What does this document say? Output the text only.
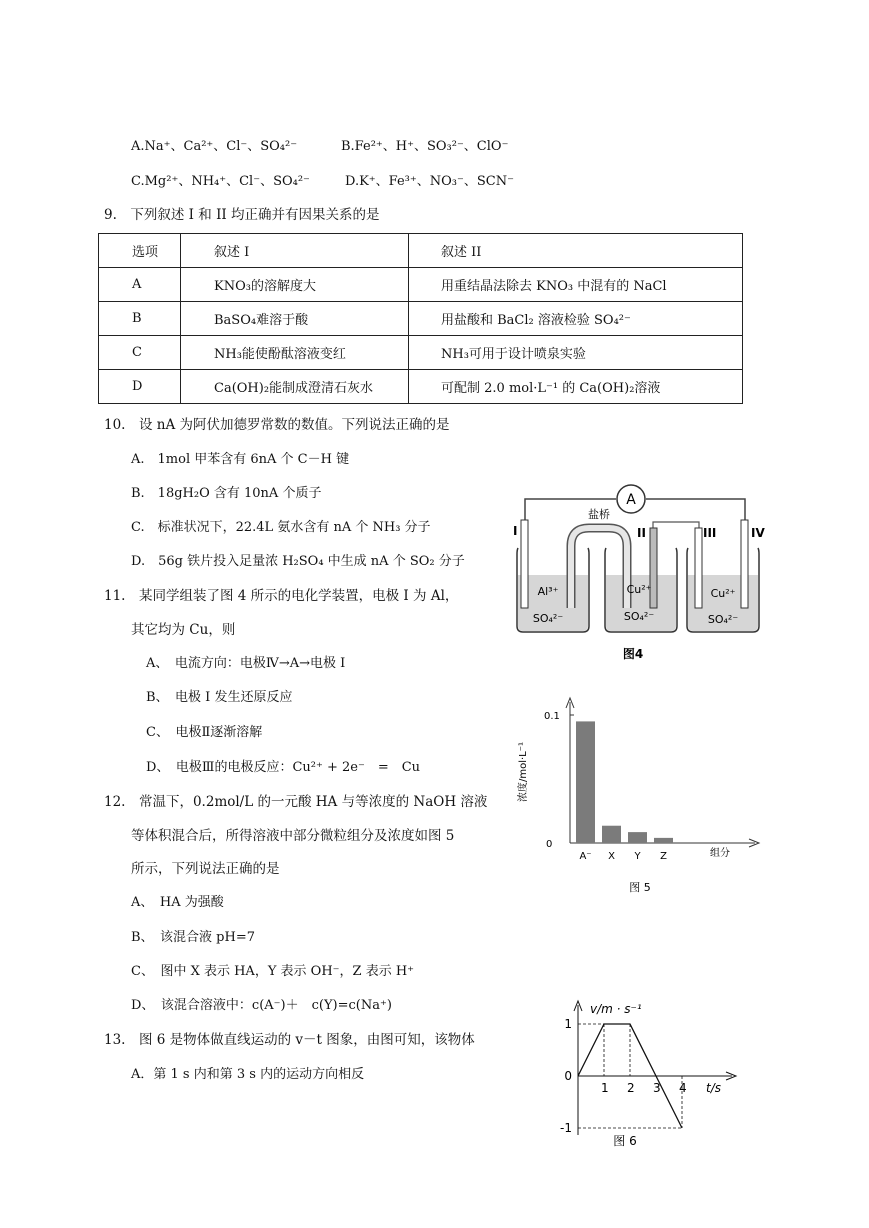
A.Na⁺、Ca²⁺、Cl⁻、SO₄²⁻	B.Fe²⁺、H⁺、SO₃²⁻、ClO⁻
C.Mg²⁺、NH₄⁺、Cl⁻、SO₄²⁻	D.K⁺、Fe³⁺、NO₃⁻、SCN⁻
9.　下列叙述 I 和 II 均正确并有因果关系的是
选项	叙述 I	叙述 II
A	KNO₃的溶解度大	用重结晶法除去 KNO₃ 中混有的 NaCl
B	BaSO₄难溶于酸	用盐酸和 BaCl₂ 溶液检验 SO₄²⁻
C	NH₃能使酚酞溶液变红	NH₃可用于设计喷泉实验
D	Ca(OH)₂能制成澄清石灰水	可配制 2.0 mol·L⁻¹ 的 Ca(OH)₂溶液
10.　设 nA 为阿伏加德罗常数的数值。下列说法正确的是
A.　1mol 甲苯含有 6nA 个 C－H 键
B.　18gH₂O 含有 10nA 个质子
C.　标准状况下，22.4L 氨水含有 nA 个 NH₃ 分子
D.　56g 铁片投入足量浓 H₂SO₄ 中生成 nA 个 SO₂ 分子
11.　某同学组装了图 4 所示的电化学装置，电极 I 为 Al，
其它均为 Cu，则
A、　电流方向：电极Ⅳ→A→电极 I
B、　电极 I 发生还原反应
C、　电极Ⅱ逐渐溶解
D、　电极Ⅲ的电极反应：Cu²⁺ + 2e⁻　=　Cu
12.　常温下，0.2mol/L 的一元酸 HA 与等浓度的 NaOH 溶液
等体积混合后，所得溶液中部分微粒组分及浓度如图 5
所示，下列说法正确的是
A、　HA 为强酸
B、　该混合液 pH=7
C、　图中 X 表示 HA，Y 表示 OH⁻，Z 表示 H⁺
D、　该混合溶液中：c(A⁻)＋　c(Y)=c(Na⁺)
13.　图 6 是物体做直线运动的 v－t 图象，由图可知，该物体
A．第 1 s 内和第 3 s 内的运动方向相反
A
盐桥
I	II	III	IV
Al³⁺
SO₄²⁻
Cu²⁺
SO₄²⁻
Cu²⁺
SO₄²⁻
图4
0.1
0
浓度/mol·L⁻¹
组分
A⁻ X Y Z
图 5
v/m · s⁻¹
t/s
1 2 3 4
1
0
-1
图 6
